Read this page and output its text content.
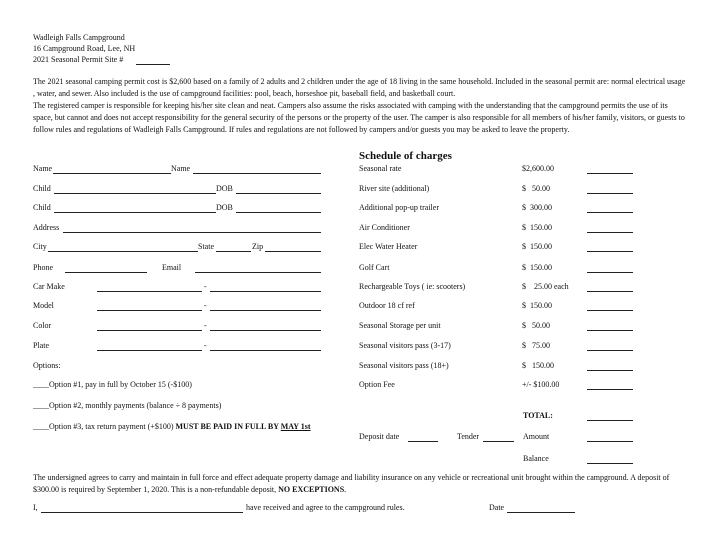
Wadleigh Falls Campground
16 Campground Road, Lee, NH
2021 Seasonal Permit Site #
The 2021 seasonal camping permit cost is $2,600 based on a family of 2 adults and 2 children under the age of 18 living in the same household. Included in the seasonal permit are: normal electrical usage , water, and sewer. Also included is the use of campground facilities: pool, beach, horseshoe pit, baseball field, and basketball court.
The registered camper is responsible for keeping his/her site clean and neat. Campers also assume the risks associated with camping with the understanding that the campground permits the use of its space, but cannot and does not accept responsibility for the general security of the persons or the property of the user. The camper is also responsible for all members of his/her family, visitors, or guests to follow rules and regulations of Wadleigh Falls Campground. If rules and regulations are not followed by campers and/or guests you may be asked to leave the property.
Name	Name
Child	DOB
Child	DOB
Address
City	State	Zip
Phone	Email
Car Make	-
Model	-
Color	-
Plate	-
Options:
____Option #1, pay in full by October 15 (-$100)
____Option #2, monthly payments (balance ÷ 8 payments)
____Option #3, tax return payment (+$100) MUST BE PAID IN FULL BY MAY 1st
Schedule of charges
Seasonal rate	$2,600.00
River site (additional)	$   50.00
Additional pop-up trailer	$  300.00
Air Conditioner	$  150.00
Elec Water Heater	$  150.00
Golf Cart	$  150.00
Rechargeable Toys ( ie: scooters)	$    25.00 each
Outdoor 18 cf ref	$  150.00
Seasonal Storage per unit	$   50.00
Seasonal visitors pass (3-17)	$   75.00
Seasonal visitors pass (18+)	$   150.00
Option Fee	+/- $100.00
TOTAL:
Deposit date	Tender	Amount
Balance
The undersigned agrees to carry and maintain in full force and effect adequate property damage and liability insurance on any vehicle or recreational unit brought within the campground. A deposit of $300.00 is required by September 1, 2020. This is a non-refundable deposit, NO EXCEPTIONS.
I,	have received and agree to the campground rules.	Date
